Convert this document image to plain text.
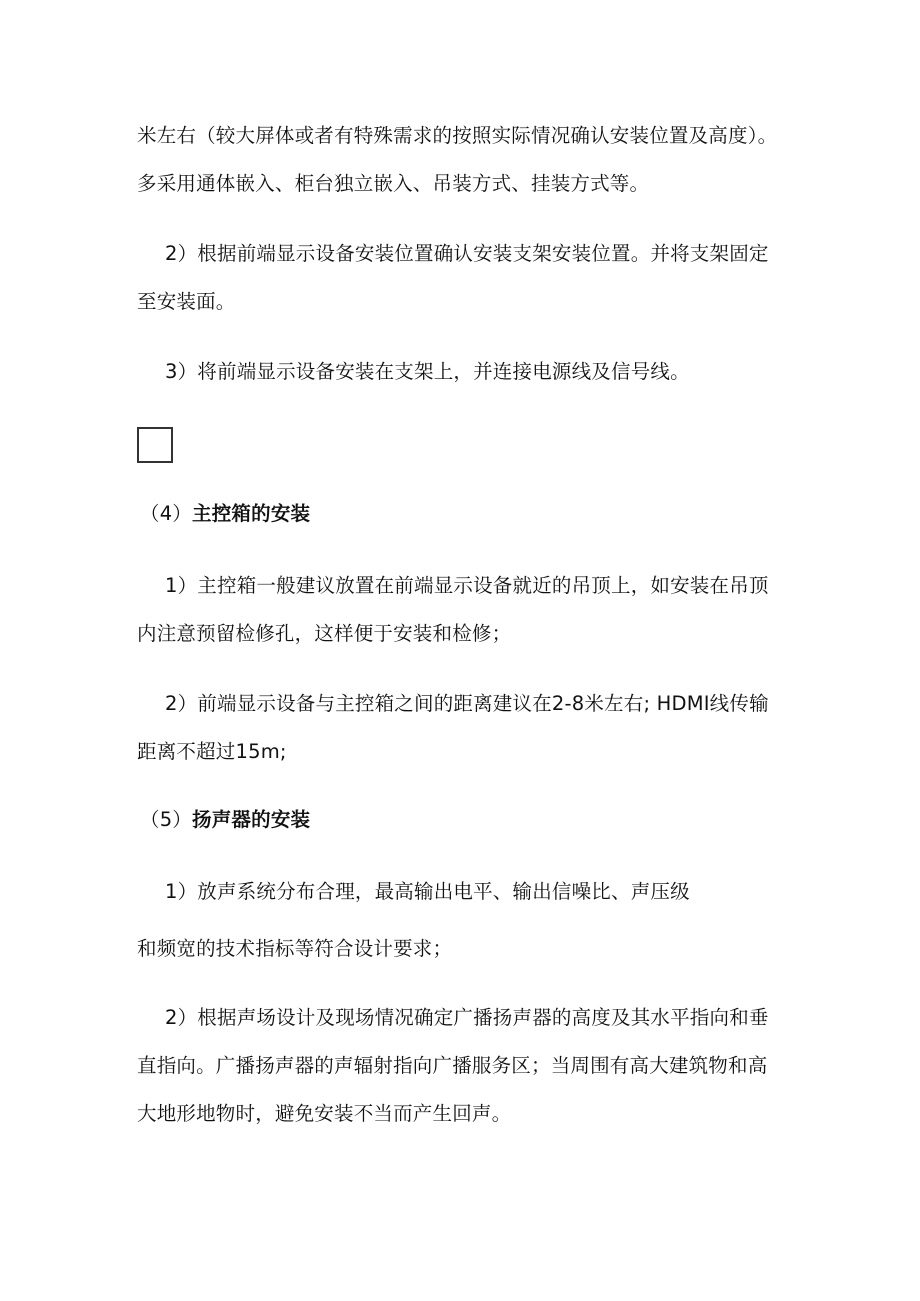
米左右（较大屏体或者有特殊需求的按照实际情况确认安装位置及高度）。
多采用通体嵌入、柜台独立嵌入、吊装方式、挂装方式等。
2）根据前端显示设备安装位置确认安装支架安装位置。并将支架固定
至安装面。
3）将前端显示设备安装在支架上，并连接电源线及信号线。
（4）主控箱的安装
1）主控箱一般建议放置在前端显示设备就近的吊顶上，如安装在吊顶
内注意预留检修孔，这样便于安装和检修；
2）前端显示设备与主控箱之间的距离建议在2-8米左右; HDMI线传输
距离不超过15m;
（5）扬声器的安装
1）放声系统分布合理，最高输出电平、输出信噪比、声压级
和频宽的技术指标等符合设计要求；
2）根据声场设计及现场情况确定广播扬声器的高度及其水平指向和垂
直指向。广播扬声器的声辐射指向广播服务区；当周围有高大建筑物和高
大地形地物时，避免安装不当而产生回声。
